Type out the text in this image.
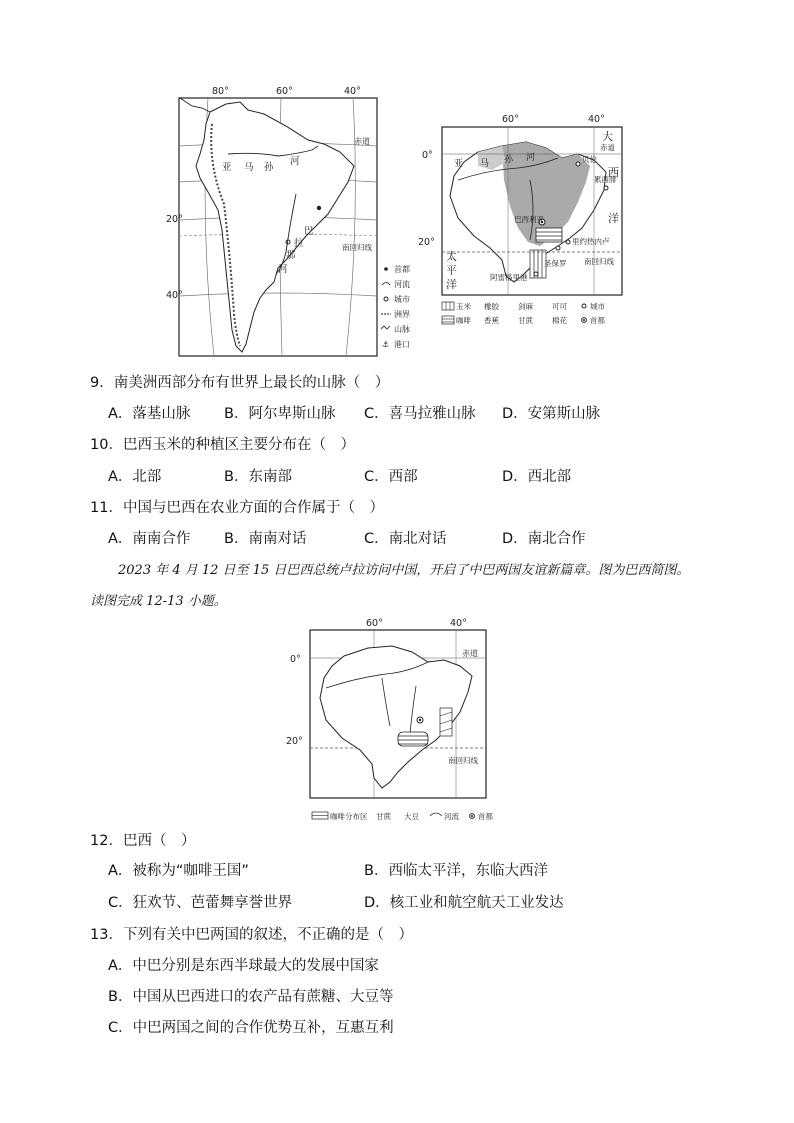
80°	60°	40°
20°
40°
赤道
南回归线
亚 马 孙
河
巴
拉
那
河	首都
河流
城市
洲界
山脉
⚓ 港口
60°	40°
0°
20°
大
西
洋
太
平
洋
亚 马 孙 河	贝伦
累西腓
巴西利亚
里约热内卢
圣保罗
阿雷格里港
赤道
南回归线
玉米 橡胶	剑麻	可可	城市
咖啡 香蕉	甘蔗	棉花	首都
9．南美洲西部分布有世界上最长的山脉（　）
A．落基山脉 B．阿尔卑斯山脉 C．喜马拉雅山脉 D．安第斯山脉
10．巴西玉米的种植区主要分布在（　）
A．北部	B．东南部	C．西部	D．西北部
11．中国与巴西在农业方面的合作属于（　）
A．南南合作 B．南南对话	C．南北对话	D．南北合作
2023 年 4 月 12 日至 15 日巴西总统卢拉访问中国，开启了中巴两国友谊新篇章。图为巴西简图。
读图完成 12-13 小题。
60°	40°
0°
20°
赤道
南回归线
咖啡分布区 甘蔗 大豆	河流	首都
12．巴西（　）
A．被称为“咖啡王国”	B．西临太平洋，东临大西洋
C．狂欢节、芭蕾舞享誉世界	D．核工业和航空航天工业发达
13．下列有关中巴两国的叙述，不正确的是（　）
A．中巴分别是东西半球最大的发展中国家
B．中国从巴西进口的农产品有蔗糖、大豆等
C．中巴两国之间的合作优势互补，互惠互利
